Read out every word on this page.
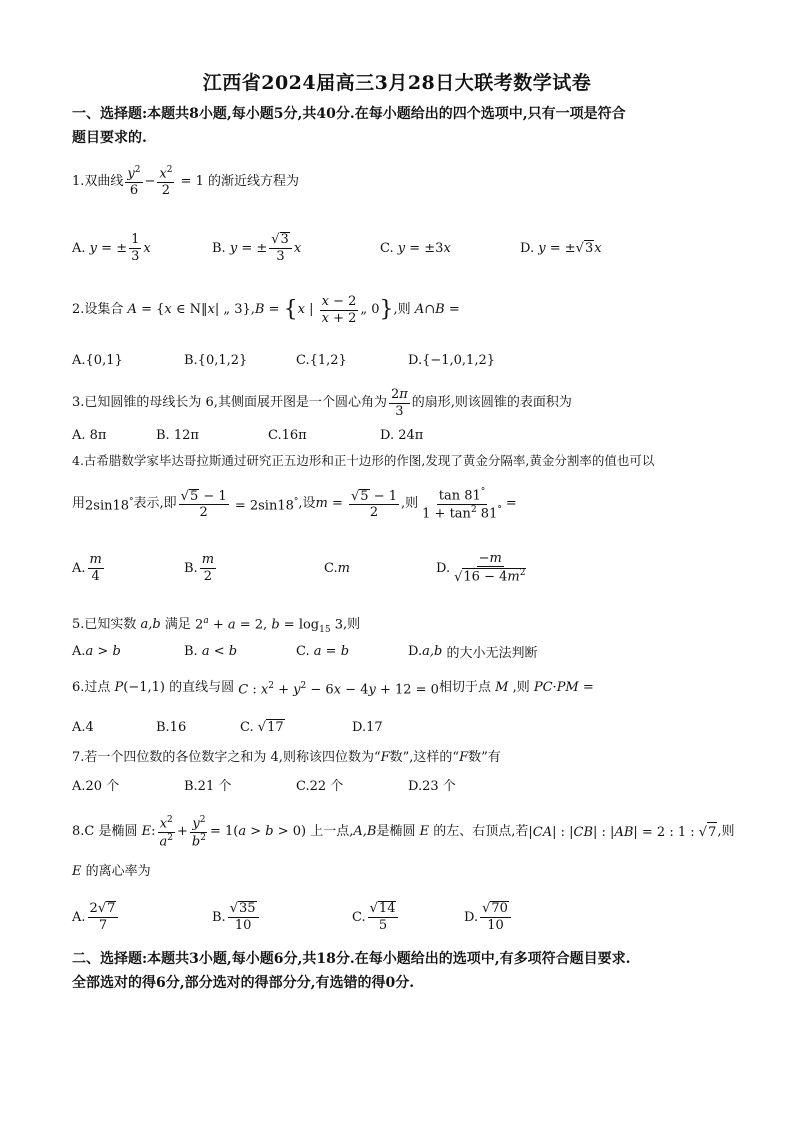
江西省2024届高三3月28日大联考数学试卷
一、选择题:本题共8小题,每小题5分,共40分.在每小题给出的四个选项中,只有一项是符合
题目要求的.
1.双曲线 $\frac{y^2}{6} - \frac{x^2}{2} = 1$ 的渐近线方程为
A.
y = ± $\frac{1}{3}$ x	B.
y = ± $\frac{√ 3}{3}$ x	C.
y = ±3 x	D.
y = ± √ 3 x
2.设集合 A = {x ∈ N‖x| „ 3},B = { x | $\frac{x - 2}{x + 2}$ „ 0 } ,则 A∩B =
A.{0,1}	B.{0,1,2}	C.{1,2}	D.{−1,0,1,2}
3.已知圆锥的母线长为 6,其侧面展开图是一个圆心角为 $\frac{2\pi}{3}$ 的扇形,则该圆锥的表面积为
A. 8π	B. 12π	C.16π	D. 24π
4.古希腊数学家毕达哥拉斯通过研究正五边形和正十边形的作图,发现了黄金分隔率,黄金分割率的值也可以
用 2sin18° 表示,即 $\frac{√ 5 - 1}{2} = 2\sin 18^\circ$ ,设 $m = \frac{√ 5 - 1}{2}$ ,则 $\frac{\tan 81^\circ}{1 + \tan^2 81^\circ}$ =
A. $\frac{m}{4}$	B. $\frac{m}{2}$	C. m	D. $\frac{-m}{√ 16 - 4m^2}$
5.已知实数 a,b 满足 $2^a + a = 2$, $b = \log_{15} 3$ ,则
A. a > b	B.
a < b	C.
a = b	D. a,b
的大小无法判断
6.过点 P(−1,1) 的直线与圆 C : $x^2 + y^2 - 6x - 4y + 12 = 0$ 相切于点 M ,则 PC·PM =
A.4	B.16	C.
√ 17	D.17
7.若一个四位数的各位数字之和为 4,则称该四位数为“ F 数”,这样的“ F 数”有
A.20 个	B.21 个	C.22 个	D.23 个
8.C 是椭圆 E : $\frac{x^2}{a^2} + \frac{y^2}{b^2} = 1(a > b > 0)$ 上一点, A,B 是椭圆 E 的左、右顶点,若 |CA| : |CB| : |AB| = 2 : 1 : √ 7 ,则
E 的离心率为
A. $\frac{2 √ 7}{7}$	B. $\frac{√ 35}{10}$	C. $\frac{√ 14}{5}$	D. $\frac{√ 70}{10}$
二、选择题:本题共3小题,每小题6分,共18分.在每小题给出的选项中,有多项符合题目要求.
全部选对的得6分,部分选对的得部分分,有选错的得0分.
